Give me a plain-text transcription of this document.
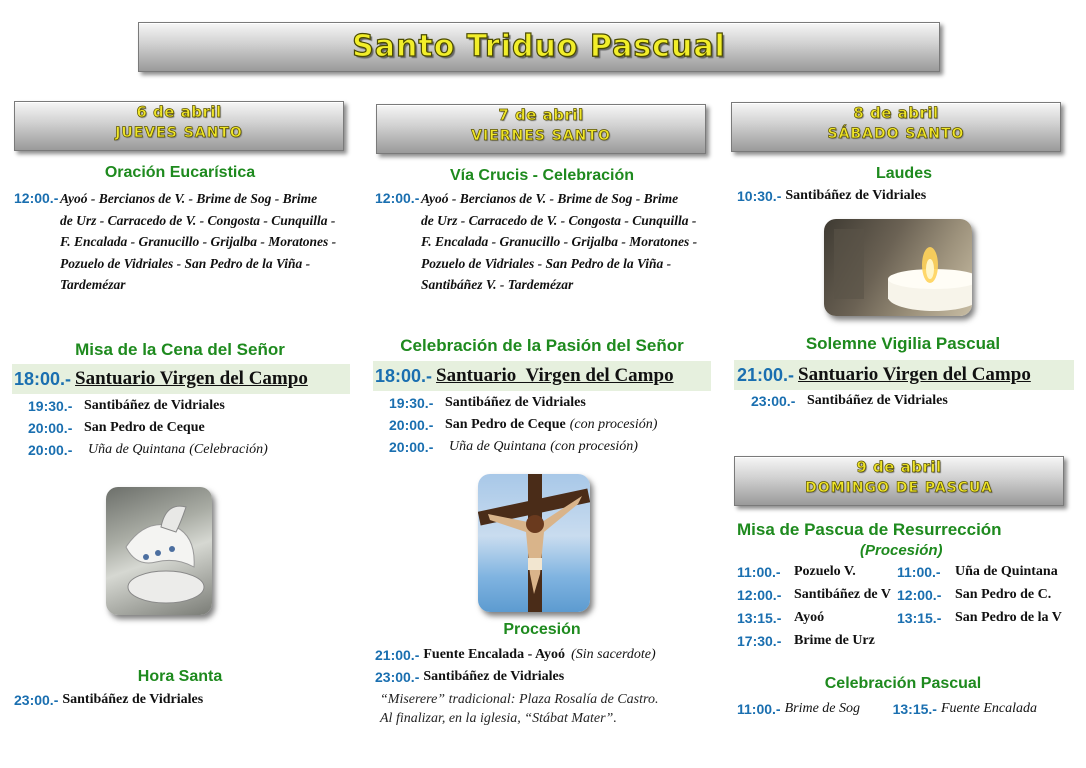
Santo Triduo Pascual
6 de abril
JUEVES SANTO
Oración Eucarística
12:00.- Ayoó - Bercianos de V. - Brime de Sog - Brime
de Urz - Carracedo de V. - Congosta - Cunquilla -
F. Encalada - Granucillo - Grijalba - Moratones -
Pozuelo de Vidriales - San Pedro de la Viña -
Tardemézar
Misa de la Cena del Señor
18:00.- Santuario Virgen del Campo
19:30.- Santibáñez de Vidriales
20:00.- San Pedro de Ceque
20:00.-	Uña de Quintana (Celebración)
Hora Santa
23:00.- Santibáñez de Vidriales
7 de abril
VIERNES SANTO
Vía Crucis - Celebración
12:00.- Ayoó - Bercianos de V. - Brime de Sog - Brime
de Urz - Carracedo de V. - Congosta - Cunquilla -
F. Encalada - Granucillo - Grijalba - Moratones -
Pozuelo de Vidriales - San Pedro de la Viña -
Santibáñez V. - Tardemézar
Celebración de la Pasión del Señor
18:00.- Santuario  Virgen del Campo
19:30.- Santibáñez de Vidriales
20:00.- San Pedro de Ceque (con procesión)
20:00.-	Uña de Quintana (con procesión)
Procesión
21:00.- Fuente Encalada - Ayoó (Sin sacerdote)
23:00.- Santibáñez de Vidriales
“Miserere” tradicional: Plaza Rosalía de Castro.
Al finalizar, en la iglesia, “Stábat Mater”.
8 de abril
SÁBADO SANTO
Laudes
10:30.- Santibáñez de Vidriales
Solemne Vigilia Pascual
21:00.- Santuario Virgen del Campo
23:00.- Santibáñez de Vidriales
9 de abril
DOMINGO DE PASCUA
Misa de Pascua de Resurrección
(Procesión)
11:00.- Pozuelo V.	11:00.-	Uña de Quintana
12:00.- Santibáñez de V 12:00.- San Pedro de C.
13:15.- Ayoó	13:15.- San Pedro de la V
17:30.- Brime de Urz
Celebración Pascual
11:00.- Brime de Sog	13:15.- Fuente Encalada
